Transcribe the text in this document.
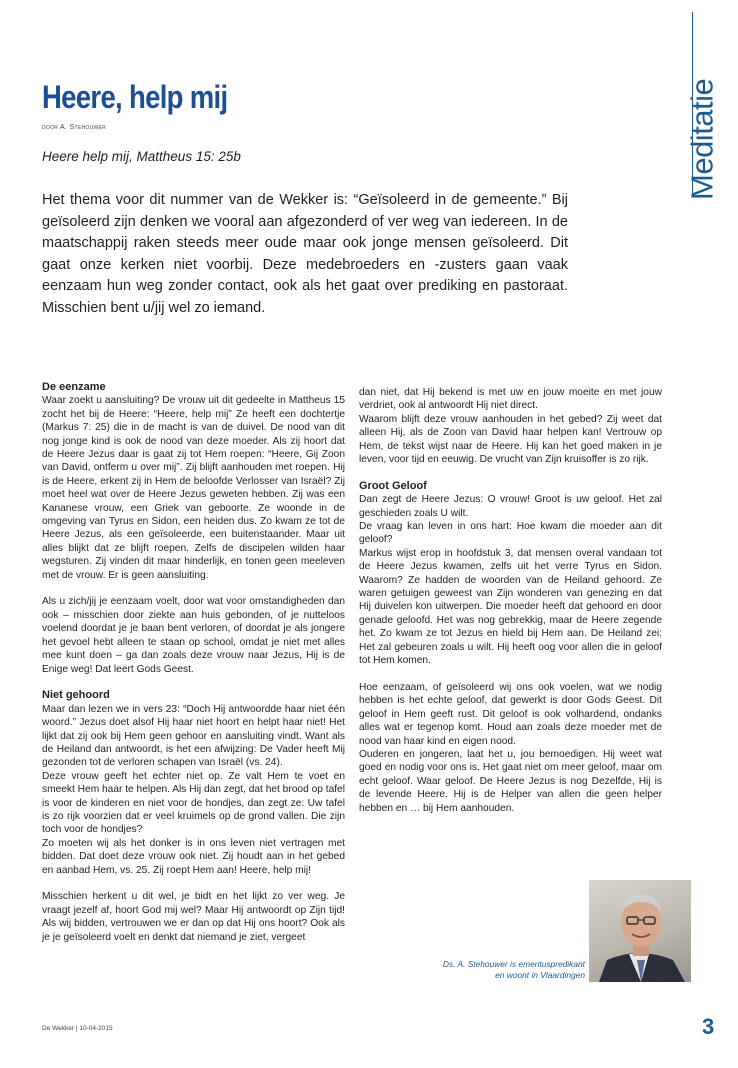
Meditatie
Heere, help mij
door A. Stehouwer
Heere help mij, Mattheus 15: 25b

Het thema voor dit nummer van de Wekker is: “Geïsoleerd in de gemeente.” Bij geïsoleerd zijn denken we vooral aan afgezonderd of ver weg van iedereen. In de maatschappij raken steeds meer oude maar ook jonge mensen geïsoleerd. Dit gaat onze kerken niet voorbij. Deze medebroeders en -zusters gaan vaak eenzaam hun weg zonder contact, ook als het gaat over prediking en pastoraat. Misschien bent u/jij wel zo iemand.

De eenzame

Waar zoekt u aansluiting? De vrouw uit dit gedeelte in Mattheus 15 zocht het bij de Heere: “Heere, help mij” Ze heeft een dochtertje (Markus 7: 25) die in de macht is van de duivel. De nood van dit nog jonge kind is ook de nood van deze moeder. Als zij hoort dat de Heere Jezus daar is gaat zij tot Hem roepen: “Heere, Gij Zoon van David, ontferm u over mij”. Zij blijft aanhouden met roepen. Hij is de Heere, erkent zij in Hem de beloofde Verlosser van Israël? Zij moet heel wat over de Heere Jezus geweten hebben. Zij was een Kananese vrouw, een Griek van geboorte. Ze woonde in de omgeving van Tyrus en Sidon, een heiden dus. Zo kwam ze tot de Heere Jezus, als een geïsoleerde, een buitenstaander. Maar uit alles blijkt dat ze blijft roepen. Zelfs de discipelen wilden haar wegsturen. Zij vinden dit maar hinderlijk, en tonen geen meeleven met de vrouw. Er is geen aansluiting.

Als u zich/jij je eenzaam voelt, door wat voor omstandigheden dan ook – misschien door ziekte aan huis gebonden, of je nutteloos voelend doordat je je baan bent verloren, of doordat je als jongere het gevoel hebt alleen te staan op school, omdat je niet met alles mee kunt doen – ga dan zoals deze vrouw naar Jezus, Hij is de Enige weg! Dat leert Gods Geest.

Niet gehoord

Maar dan lezen we in vers 23: “Doch Hij antwoordde haar niet één woord.” Jezus doet alsof Hij haar niet hoort en helpt haar niet! Het lijkt dat zij ook bij Hem geen gehoor en aansluiting vindt. Want als de Heiland dan antwoordt, is het een afwijzing: De Vader heeft Mij gezonden tot de verloren schapen van Israël (vs. 24).

Deze vrouw geeft het echter niet op. Ze valt Hem te voet en smeekt Hem haar te helpen. Als Hij dan zegt, dat het brood op tafel is voor de kinderen en niet voor de hondjes, dan zegt ze: Uw tafel is zo rijk voorzien dat er veel kruimels op de grond vallen. Die zijn toch voor de hondjes?

Zo moeten wij als het donker is in ons leven niet vertragen met bidden. Dat doet deze vrouw ook niet. Zij houdt aan in het gebed en aanbad Hem, vs. 25. Zij roept Hem aan! Heere, help mij!

Misschien herkent u dit wel, je bidt en het lijkt zo ver weg. Je vraagt jezelf af, hoort God mij wel? Maar Hij antwoordt op Zijn tijd! Als wij bidden, vertrouwen we er dan op dat Hij ons hoort? Ook als je je geïsoleerd voelt en denkt dat niemand je ziet, vergeet

dan niet, dat Hij bekend is met uw en jouw moeite en met jouw verdriet, ook al antwoordt Hij niet direct.

Waarom blijft deze vrouw aanhouden in het gebed? Zij weet dat alleen Hij, als de Zoon van David haar helpen kan! Vertrouw op Hem, de tekst wijst naar de Heere. Hij kan het goed maken in je leven, voor tijd en eeuwig. De vrucht van Zijn kruisoffer is zo rijk.

Groot Geloof

Dan zegt de Heere Jezus: O vrouw! Groot is uw geloof. Het zal geschieden zoals U wilt.

De vraag kan leven in ons hart: Hoe kwam die moeder aan dit geloof?

Markus wijst erop in hoofdstuk 3, dat mensen overal vandaan tot de Heere Jezus kwamen, zelfs uit het verre Tyrus en Sidon. Waarom? Ze hadden de woorden van de Heiland gehoord. Ze waren getuigen geweest van Zijn wonderen van genezing en dat Hij duivelen kon uitwerpen. Die moeder heeft dat gehoord en door genade geloofd. Het was nog gebrekkig, maar de Heere zegende het. Zo kwam ze tot Jezus en hield bij Hem aan. De Heiland zei: Het zal gebeuren zoals u wilt. Hij heeft oog voor allen die in geloof tot Hem komen.

Hoe eenzaam, of geïsoleerd wij ons ook voelen, wat we nodig hebben is het echte geloof, dat gewerkt is door Gods Geest. Dit geloof in Hem geeft rust. Dit geloof is ook volhardend, ondanks alles wat er tegenop komt. Houd aan zoals deze moeder met de nood van haar kind en eigen nood.

Ouderen en jongeren, laat het u, jou bemoedigen. Hij weet wat goed en nodig voor ons is. Het gaat niet om meer geloof, maar om echt geloof. Waar geloof. De Heere Jezus is nog Dezelfde, Hij is de levende Heere. Hij is de Helper van allen die geen helper hebben en … bij Hem aanhouden.

Ds. A. Stehouwer is emerituspredikant
en woont in Vlaardingen
De Wekker | 10-04-2015	3
